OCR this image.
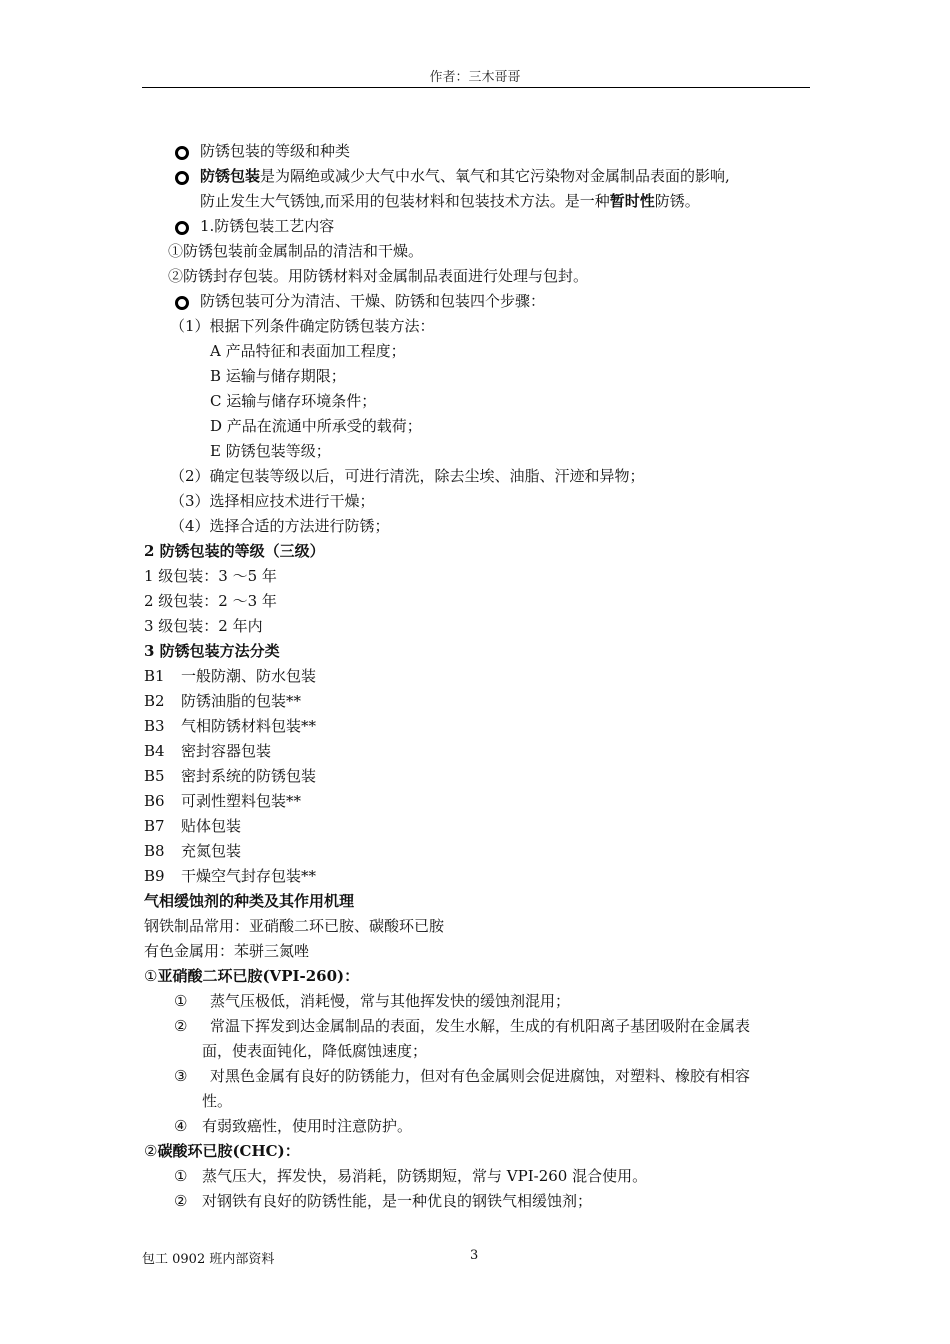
作者：三木哥哥
防锈包装的等级和种类
防锈包装是为隔绝或减少大气中水气、氧气和其它污染物对金属制品表面的影响,
防止发生大气锈蚀,而采用的包装材料和包装技术方法。是一种暂时性防锈。
1.防锈包装工艺内容
①防锈包装前金属制品的清洁和干燥。
②防锈封存包装。用防锈材料对金属制品表面进行处理与包封。
防锈包装可分为清洁、干燥、防锈和包装四个步骤：
（1）根据下列条件确定防锈包装方法：
A 产品特征和表面加工程度；
B 运输与储存期限；
C 运输与储存环境条件；
D 产品在流通中所承受的载荷；
E 防锈包装等级；
（2）确定包装等级以后，可进行清洗，除去尘埃、油脂、汗迹和异物；
（3）选择相应技术进行干燥；
（4）选择合适的方法进行防锈；
2 防锈包装的等级（三级）
1 级包装：3 ～5 年
2 级包装：2 ～3 年
3 级包装：2 年内
3 防锈包装方法分类
B1 一般防潮、防水包装
B2 防锈油脂的包装**
B3 气相防锈材料包装**
B4 密封容器包装
B5 密封系统的防锈包装
B6 可剥性塑料包装**
B7 贴体包装
B8 充氮包装
B9 干燥空气封存包装**
气相缓蚀剂的种类及其作用机理
钢铁制品常用：亚硝酸二环已胺、碳酸环已胺
有色金属用：苯骈三氮唑
①亚硝酸二环已胺(VPI-260)：
① 蒸气压极低，消耗慢，常与其他挥发快的缓蚀剂混用；
② 常温下挥发到达金属制品的表面，发生水解，生成的有机阳离子基团吸附在金属表
面，使表面钝化，降低腐蚀速度；
③ 对黑色金属有良好的防锈能力，但对有色金属则会促进腐蚀，对塑料、橡胶有相容
性。
④ 有弱致癌性，使用时注意防护。
②碳酸环已胺(CHC)：
① 蒸气压大，挥发快，易消耗，防锈期短，常与 VPI-260 混合使用。
② 对钢铁有良好的防锈性能，是一种优良的钢铁气相缓蚀剂；
包工 0902 班内部资料	3
